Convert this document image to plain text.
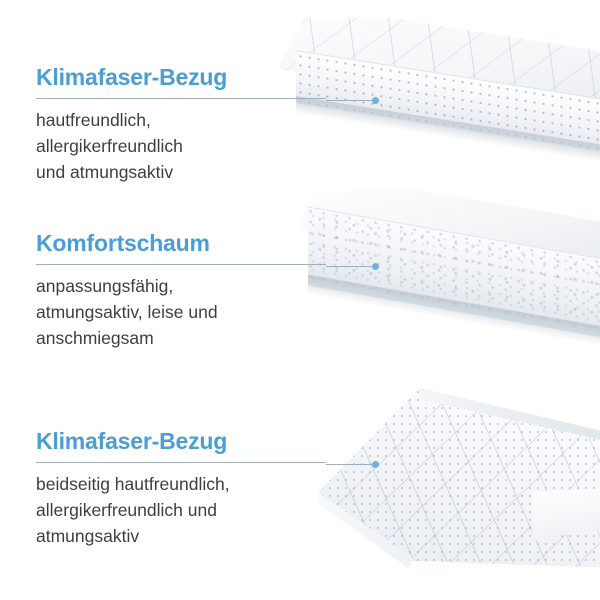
Klimafaser-Bezug

hautfreundlich,
allergikerfreundlich
und atmungsaktiv

Komfortschaum

anpassungsfähig,
atmungsaktiv, leise und
anschmiegsam

Klimafaser-Bezug

beidseitig hautfreundlich,
allergikerfreundlich und
atmungsaktiv
